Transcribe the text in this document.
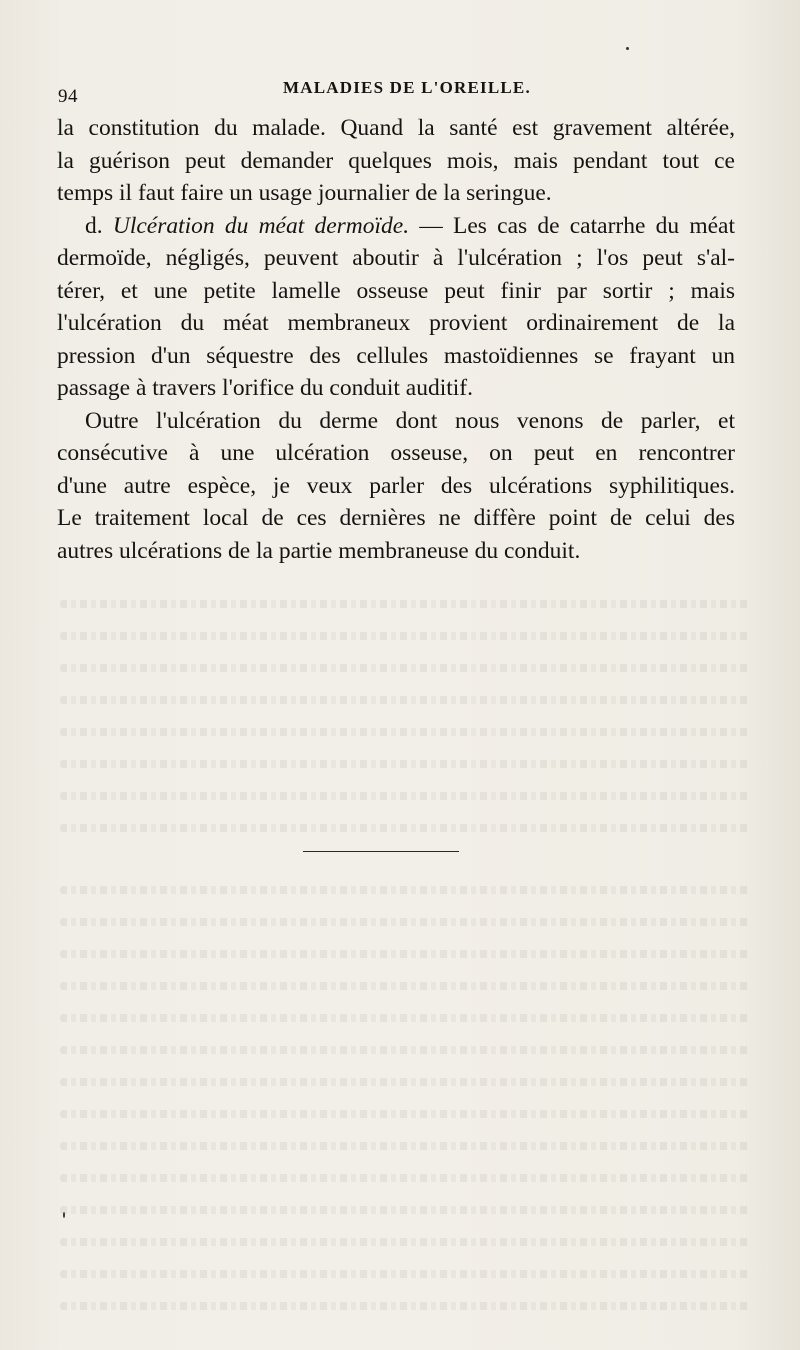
94	MALADIES DE L'OREILLE.
la constitution du malade. Quand la santé est gravement altérée,
la guérison peut demander quelques mois, mais pendant tout ce
temps il faut faire un usage journalier de la seringue.
d. Ulcération du méat dermoïde. — Les cas de catarrhe du méat
dermoïde, négligés, peuvent aboutir à l'ulcération ; l'os peut s'al-
térer, et une petite lamelle osseuse peut finir par sortir ; mais
l'ulcération du méat membraneux provient ordinairement de la
pression d'un séquestre des cellules mastoïdiennes se frayant un
passage à travers l'orifice du conduit auditif.
Outre l'ulcération du derme dont nous venons de parler, et
consécutive à une ulcération osseuse, on peut en rencontrer
d'une autre espèce, je veux parler des ulcérations syphilitiques.
Le traitement local de ces dernières ne diffère point de celui des
autres ulcérations de la partie membraneuse du conduit.
